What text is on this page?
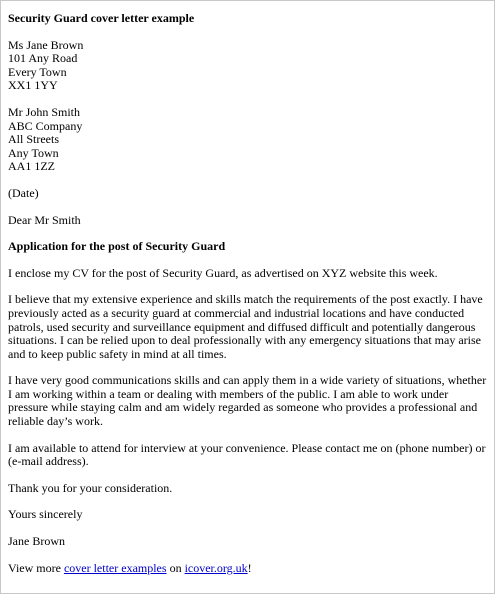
Security Guard cover letter example
Ms Jane Brown
101 Any Road
Every Town
XX1 1YY
Mr John Smith
ABC Company
All Streets
Any Town
AA1 1ZZ
(Date)
Dear Mr Smith
Application for the post of Security Guard
I enclose my CV for the post of Security Guard, as advertised on XYZ website this week.
I believe that my extensive experience and skills match the requirements of the post exactly. I have
previously acted as a security guard at commercial and industrial locations and have conducted
patrols, used security and surveillance equipment and diffused difficult and potentially dangerous
situations. I can be relied upon to deal professionally with any emergency situations that may arise
and to keep public safety in mind at all times.
I have very good communications skills and can apply them in a wide variety of situations, whether
I am working within a team or dealing with members of the public. I am able to work under
pressure while staying calm and am widely regarded as someone who provides a professional and
reliable day’s work.
I am available to attend for interview at your convenience. Please contact me on (phone number) or
(e-mail address).
Thank you for your consideration.
Yours sincerely
Jane Brown
View more cover letter examples on icover.org.uk!
